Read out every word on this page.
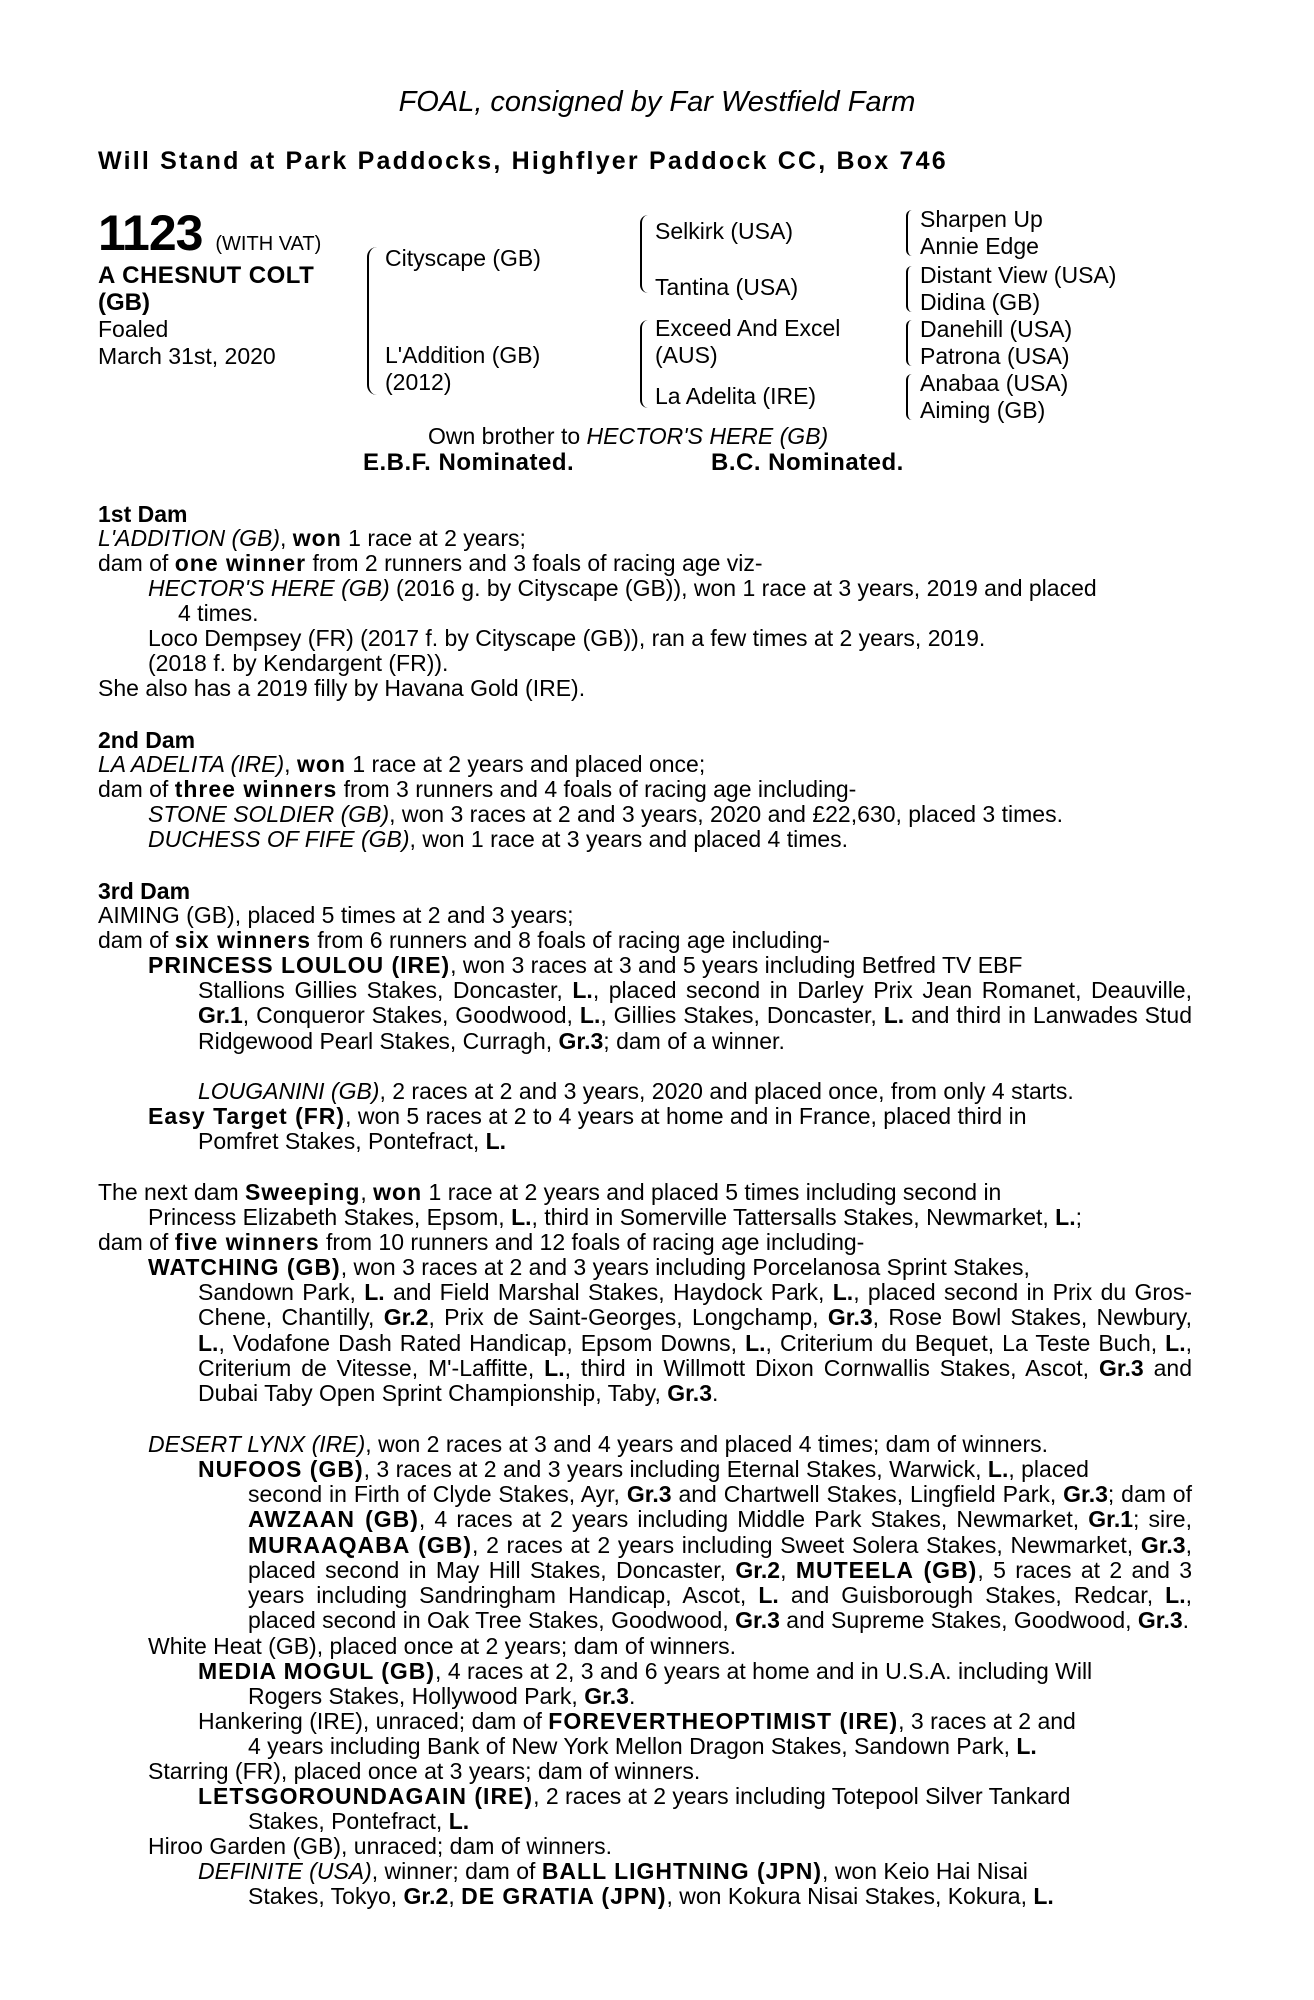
FOAL, consigned by Far Westfield Farm
Will Stand at Park Paddocks, Highflyer Paddock CC, Box 746
1123 (WITH VAT)
A CHESNUT COLT
(GB)
Foaled
March 31st, 2020
Cityscape (GB)
L'Addition (GB)
(2012)
Selkirk (USA)
Tantina (USA)
Exceed And Excel
(AUS)
La Adelita (IRE)
Sharpen Up
Annie Edge
Distant View (USA)
Didina (GB)
Danehill (USA)
Patrona (USA)
Anabaa (USA)
Aiming (GB)
Own brother to HECTOR'S HERE (GB)
E.B.F. Nominated.	B.C. Nominated.
1st Dam
L'ADDITION (GB), won 1 race at 2 years;
dam of one winner from 2 runners and 3 foals of racing age viz-
HECTOR'S HERE (GB) (2016 g. by Cityscape (GB)), won 1 race at 3 years, 2019 and placed
4 times.
Loco Dempsey (FR) (2017 f. by Cityscape (GB)), ran a few times at 2 years, 2019.
(2018 f. by Kendargent (FR)).
She also has a 2019 filly by Havana Gold (IRE).
2nd Dam
LA ADELITA (IRE), won 1 race at 2 years and placed once;
dam of three winners from 3 runners and 4 foals of racing age including-
STONE SOLDIER (GB), won 3 races at 2 and 3 years, 2020 and £22,630, placed 3 times.
DUCHESS OF FIFE (GB), won 1 race at 3 years and placed 4 times.
3rd Dam
AIMING (GB), placed 5 times at 2 and 3 years;
dam of six winners from 6 runners and 8 foals of racing age including-
PRINCESS LOULOU (IRE), won 3 races at 3 and 5 years including Betfred TV EBF
Stallions Gillies Stakes, Doncaster, L., placed second in Darley Prix Jean Romanet, Deauville, Gr.1, Conqueror Stakes, Goodwood, L., Gillies Stakes, Doncaster, L. and third in Lanwades Stud Ridgewood Pearl Stakes, Curragh, Gr.3; dam of a winner.
LOUGANINI (GB), 2 races at 2 and 3 years, 2020 and placed once, from only 4 starts.
Easy Target (FR), won 5 races at 2 to 4 years at home and in France, placed third in
Pomfret Stakes, Pontefract, L.
The next dam Sweeping, won 1 race at 2 years and placed 5 times including second in
Princess Elizabeth Stakes, Epsom, L., third in Somerville Tattersalls Stakes, Newmarket, L.;
dam of five winners from 10 runners and 12 foals of racing age including-
WATCHING (GB), won 3 races at 2 and 3 years including Porcelanosa Sprint Stakes,
Sandown Park, L. and Field Marshal Stakes, Haydock Park, L., placed second in Prix du Gros-Chene, Chantilly, Gr.2, Prix de Saint-Georges, Longchamp, Gr.3, Rose Bowl Stakes, Newbury, L., Vodafone Dash Rated Handicap, Epsom Downs, L., Criterium du Bequet, La Teste Buch, L., Criterium de Vitesse, M'-Laffitte, L., third in Willmott Dixon Cornwallis Stakes, Ascot, Gr.3 and Dubai Taby Open Sprint Championship, Taby, Gr.3.
DESERT LYNX (IRE), won 2 races at 3 and 4 years and placed 4 times; dam of winners.
NUFOOS (GB), 3 races at 2 and 3 years including Eternal Stakes, Warwick, L., placed
second in Firth of Clyde Stakes, Ayr, Gr.3 and Chartwell Stakes, Lingfield Park, Gr.3; dam of AWZAAN (GB), 4 races at 2 years including Middle Park Stakes, Newmarket, Gr.1; sire, MURAAQABA (GB), 2 races at 2 years including Sweet Solera Stakes, Newmarket, Gr.3, placed second in May Hill Stakes, Doncaster, Gr.2, MUTEELA (GB), 5 races at 2 and 3 years including Sandringham Handicap, Ascot, L. and Guisborough Stakes, Redcar, L., placed second in Oak Tree Stakes, Goodwood, Gr.3 and Supreme Stakes, Goodwood, Gr.3.
White Heat (GB), placed once at 2 years; dam of winners.
MEDIA MOGUL (GB), 4 races at 2, 3 and 6 years at home and in U.S.A. including Will
Rogers Stakes, Hollywood Park, Gr.3.
Hankering (IRE), unraced; dam of FOREVERTHEOPTIMIST (IRE), 3 races at 2 and
4 years including Bank of New York Mellon Dragon Stakes, Sandown Park, L.
Starring (FR), placed once at 3 years; dam of winners.
LETSGOROUNDAGAIN (IRE), 2 races at 2 years including Totepool Silver Tankard
Stakes, Pontefract, L.
Hiroo Garden (GB), unraced; dam of winners.
DEFINITE (USA), winner; dam of BALL LIGHTNING (JPN), won Keio Hai Nisai
Stakes, Tokyo, Gr.2, DE GRATIA (JPN), won Kokura Nisai Stakes, Kokura, L.
